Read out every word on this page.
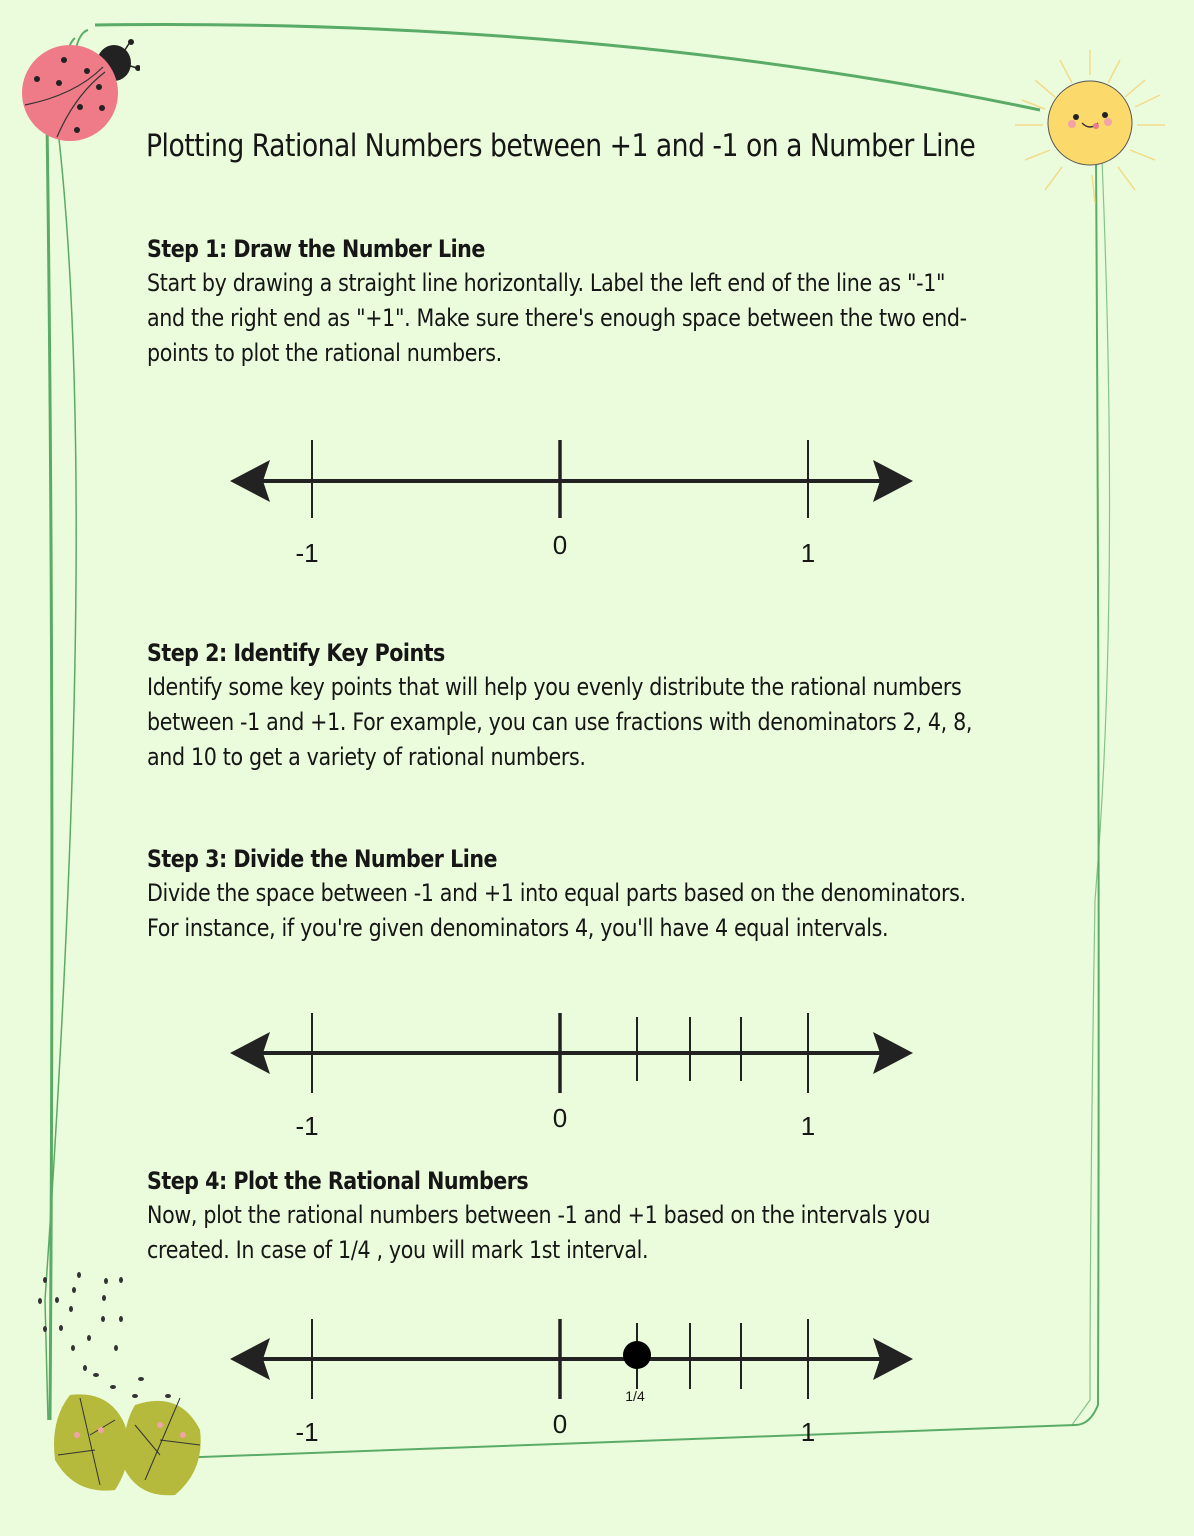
Plotting Rational Numbers between +1 and -1 on a Number Line
Step 1: Draw the Number Line

Start by drawing a straight line horizontally. Label the left end of the line as "-1"

and the right end as "+1". Make sure there's enough space between the two end-

points to plot the rational numbers.

-1	0	1
Step 2: Identify Key Points

Identify some key points that will help you evenly distribute the rational numbers

between -1 and +1. For example, you can use fractions with denominators 2, 4, 8,

and 10 to get a variety of rational numbers.

Step 3: Divide the Number Line

Divide the space between -1 and +1 into equal parts based on the denominators.

For instance, if you're given denominators 4, you'll have 4 equal intervals.

-1	0	1
Step 4: Plot the Rational Numbers

Now, plot the rational numbers between -1 and +1 based on the intervals you

created. In case of 1/4 , you will mark 1st interval.

1/4
-1	0	1
